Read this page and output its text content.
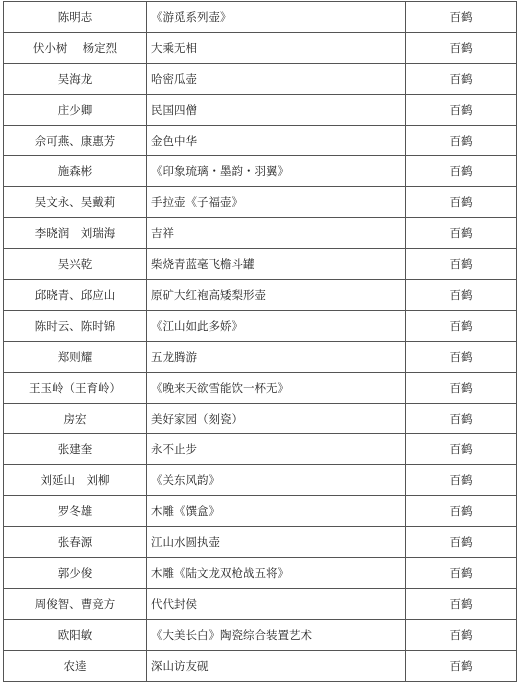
陈明志	《游觅系列壶》	百鹤
伏小树　 杨定烈	大乘无相	百鹤
吴海龙	哈密瓜壶	百鹤
庄少卿	民国四僧	百鹤
佘可燕、康惠芳	金色中华	百鹤
施森彬	《印象琉璃・墨韵・羽翼》	百鹤
吴文永、吴戴莉	手拉壶《子福壶》	百鹤
李晓润　刘瑞海	吉祥	百鹤
吴兴乾	柴烧青蓝毫飞檐斗罐	百鹤
邱晓青、邱应山	原矿大红袍高矮梨形壶	百鹤
陈时云、陈时锦	《江山如此多娇》	百鹤
郑则耀	五龙腾游	百鹤
王玉岭（王育岭）	《晚来天欲雪能饮一杯无》	百鹤
房宏	美好家园（刻瓷）	百鹤
张建奎	永不止步	百鹤
刘延山　刘柳	《关东风韵》	百鹤
罗冬雄	木雕《馔盒》	百鹤
张春源	江山水圆执壶	百鹤
郭少俊	木雕《陆文龙双枪战五将》	百鹤
周俊智、曹竞方	代代封侯	百鹤
欧阳敏	《大美长白》陶瓷综合装置艺术	百鹤
农逵	深山访友砚	百鹤
